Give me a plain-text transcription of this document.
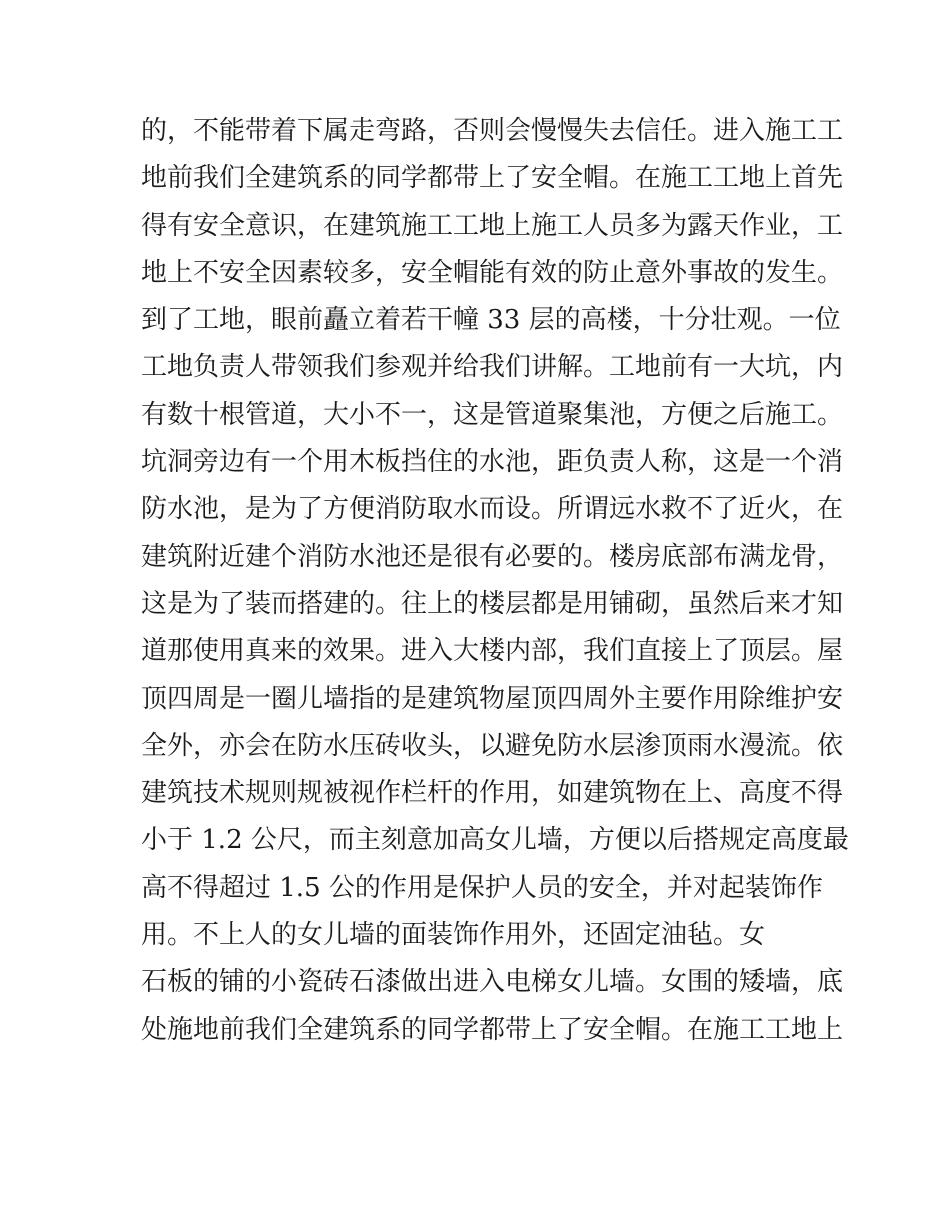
的，不能带着下属走弯路，否则会慢慢失去信任。进入施工工
地前我们全建筑系的同学都带上了安全帽。在施工工地上首先
得有安全意识，在建筑施工工地上施工人员多为露天作业，工
地上不安全因素较多，安全帽能有效的防止意外事故的发生。
到了工地，眼前矗立着若干幢 33 层的高楼，十分壮观。一位
工地负责人带领我们参观并给我们讲解。工地前有一大坑，内
有数十根管道，大小不一，这是管道聚集池，方便之后施工。
坑洞旁边有一个用木板挡住的水池，距负责人称，这是一个消
防水池，是为了方便消防取水而设。所谓远水救不了近火，在
建筑附近建个消防水池还是很有必要的。楼房底部布满龙骨，
这是为了装而搭建的。往上的楼层都是用铺砌，虽然后来才知
道那使用真来的效果。进入大楼内部，我们直接上了顶层。屋
顶四周是一圈儿墙指的是建筑物屋顶四周外主要作用除维护安
全外，亦会在防水压砖收头，以避免防水层渗顶雨水漫流。依
建筑技术规则规被视作栏杆的作用，如建筑物在上、高度不得
小于 1.2 公尺，而主刻意加高女儿墙，方便以后搭规定高度最
高不得超过 1.5 公的作用是保护人员的安全，并对起装饰作
用。不上人的女儿墙的面装饰作用外，还固定油毡。女
石板的铺的小瓷砖石漆做出进入电梯女儿墙。女围的矮墙，底
处施地前我们全建筑系的同学都带上了安全帽。在施工工地上
